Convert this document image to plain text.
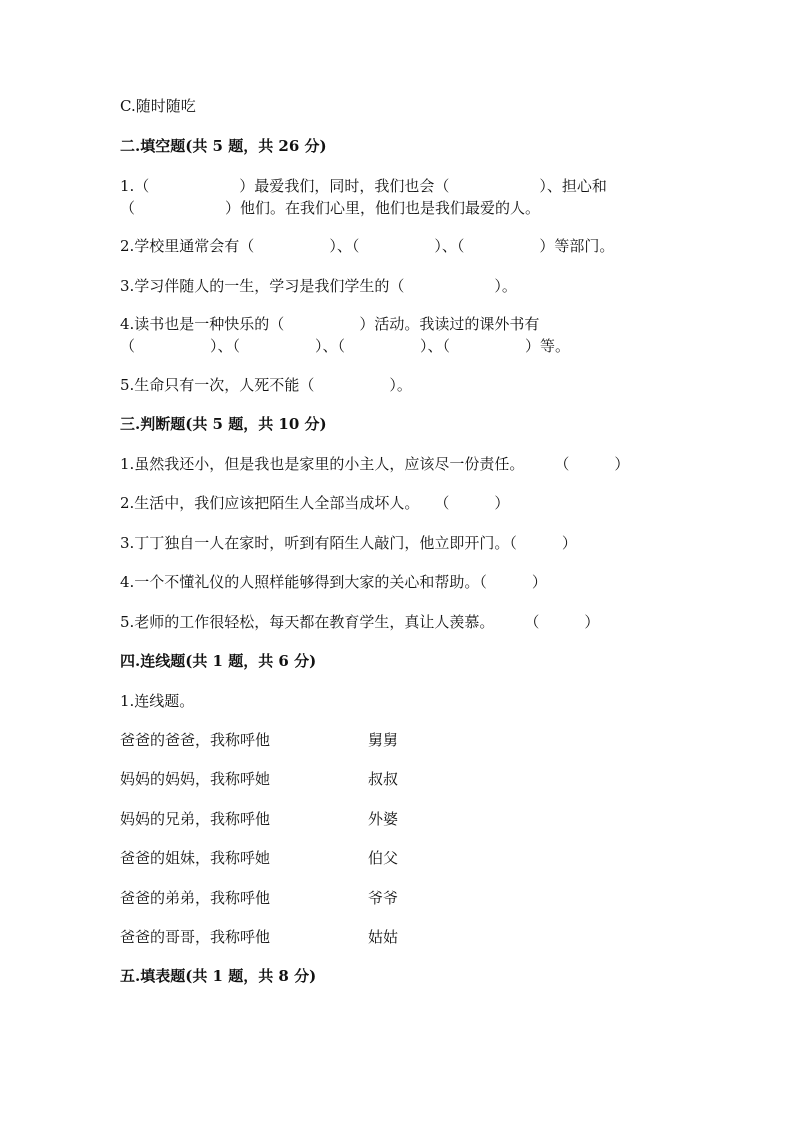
C.随时随吃
二.填空题(共 5 题，共 26 分)
1.（　　　　　　）最爱我们，同时，我们也会（　　　　　　）、担心和
（　　　　　　）他们。在我们心里，他们也是我们最爱的人。
2.学校里通常会有（　　　　　）、（　　　　　）、（　　　　　）等部门。
3.学习伴随人的一生，学习是我们学生的（　　　　　　）。
4.读书也是一种快乐的（　　　　　）活动。我读过的课外书有
（　　　　　）、（　　　　　）、（　　　　　）、（　　　　　）等。
5.生命只有一次，人死不能（　　　　　）。
三.判断题(共 5 题，共 10 分)
1.虽然我还小，但是我也是家里的小主人，应该尽一份责任。　　　（　　　）
2.生活中，我们应该把陌生人全部当成坏人。　　（　　　）
3.丁丁独自一人在家时，听到有陌生人敲门，他立即开门。（　　　）
4.一个不懂礼仪的人照样能够得到大家的关心和帮助。（　　　）
5.老师的工作很轻松，每天都在教育学生，真让人羡慕。　　　（　　　）
四.连线题(共 1 题，共 6 分)
1.连线题。
爸爸的爸爸，我称呼他	舅舅
妈妈的妈妈，我称呼她	叔叔
妈妈的兄弟，我称呼他	外婆
爸爸的姐妹，我称呼她	伯父
爸爸的弟弟，我称呼他	爷爷
爸爸的哥哥，我称呼他	姑姑
五.填表题(共 1 题，共 8 分)
